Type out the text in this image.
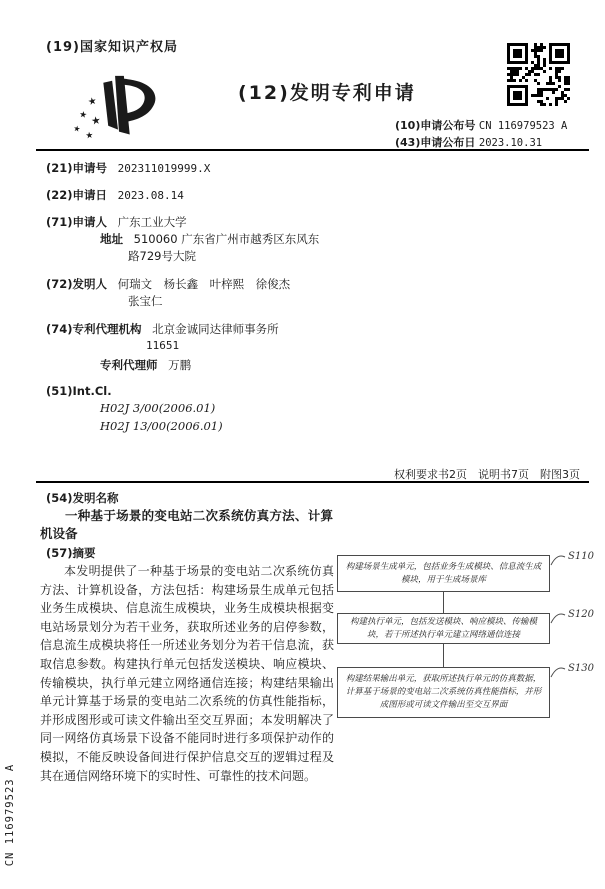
(19)国家知识产权局
★
★ ★
★
★
(12)发明专利申请
(10)申请公布号 CN 116979523 A
(43)申请公布日 2023.10.31
(21)申请号 202311019999.X
(22)申请日 2023.08.14
(71)申请人 广东工业大学
地址 510060 广东省广州市越秀区东风东
路729号大院
(72)发明人 何瑞文　杨长鑫　叶梓熙　徐俊杰
张宝仁
(74)专利代理机构 北京金诚同达律师事务所
11651
专利代理师 万鹏
(51)Int.Cl.
H02J 3/00(2006.01)
H02J 13/00(2006.01)
权利要求书2页　说明书7页　附图3页
(54)发明名称
一种基于场景的变电站二次系统仿真方法、计算机设备
(57)摘要
本发明提供了一种基于场景的变电站二次系统仿真方法、计算机设备，方法包括：构建场景生成单元包括业务生成模块、信息流生成模块，业务生成模块根据变电站场景划分为若干业务，获取所述业务的启停参数，信息流生成模块将任一所述业务划分为若干信息流，获取信息参数。构建执行单元包括发送模块、响应模块、传输模块，执行单元建立网络通信连接；构建结果输出单元计算基于场景的变电站二次系统的仿真性能指标，并形成图形或可读文件输出至交互界面；本发明解决了同一网络仿真场景下设备不能同时进行多项保护动作的模拟，不能反映设备间进行保护信息交互的逻辑过程及其在通信网络环境下的实时性、可靠性的技术问题。
构建场景生成单元，包括业务生成模块、信息流生成模块，用于生成场景库
构建执行单元，包括发送模块、响应模块、传输模块，若干所述执行单元建立网络通信连接
构建结果输出单元，获取所述执行单元的仿真数据，计算基于场景的变电站二次系统仿真性能指标，并形成图形或可读文件输出至交互界面
S110
S120
S130
CN 116979523 A
